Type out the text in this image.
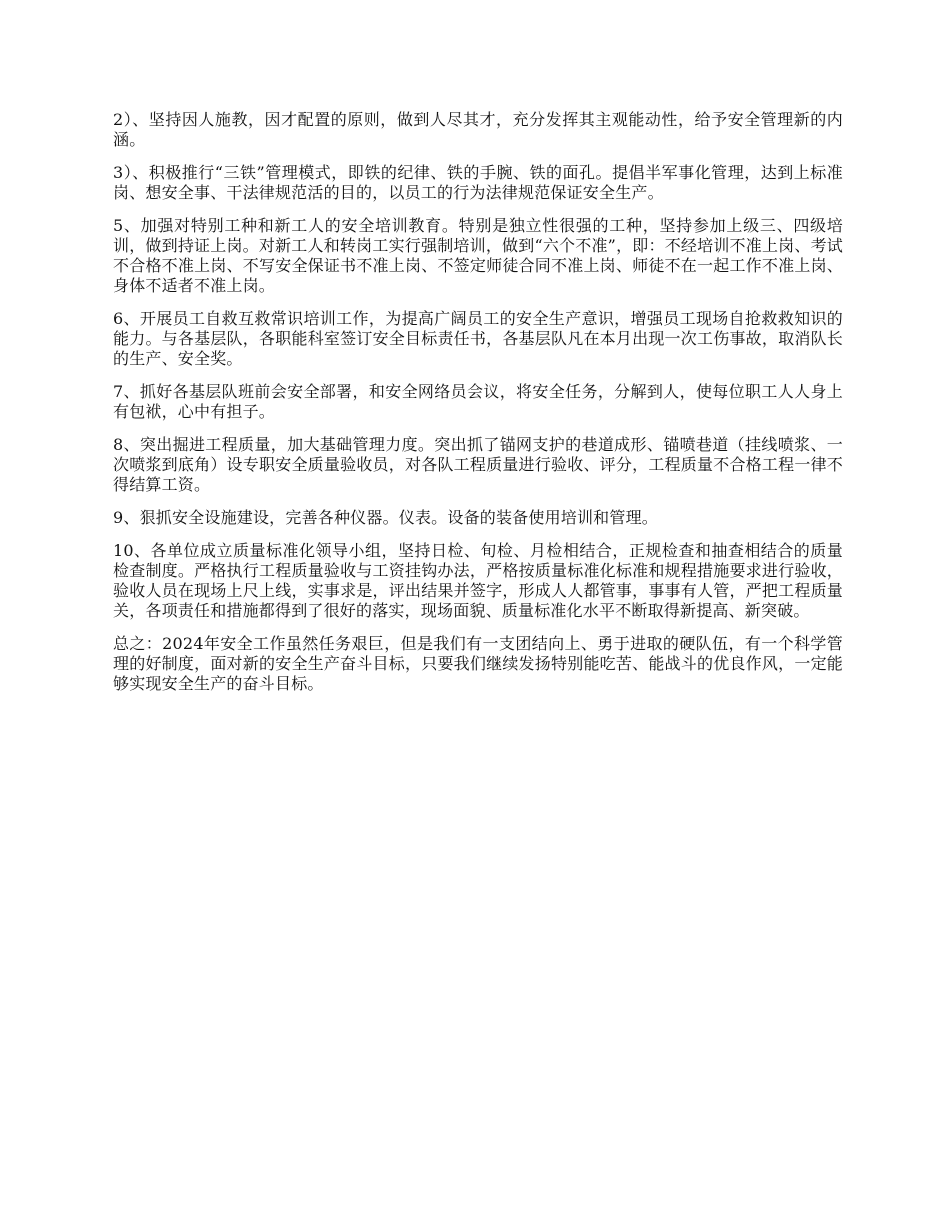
2）、坚持因人施教，因才配置的原则，做到人尽其才，充分发挥其主观能动性，给予安全管理新的内涵。

3）、积极推行“三铁”管理模式，即铁的纪律、铁的手腕、铁的面孔。提倡半军事化管理，达到上标准岗、想安全事、干法律规范活的目的，以员工的行为法律规范保证安全生产。

5、加强对特别工种和新工人的安全培训教育。特别是独立性很强的工种，坚持参加上级三、四级培训，做到持证上岗。对新工人和转岗工实行强制培训，做到“六个不准”，即：不经培训不准上岗、考试不合格不准上岗、不写安全保证书不准上岗、不签定师徒合同不准上岗、师徒不在一起工作不准上岗、身体不适者不准上岗。

6、开展员工自救互救常识培训工作，为提高广阔员工的安全生产意识，增强员工现场自抢救救知识的能力。与各基层队，各职能科室签订安全目标责任书，各基层队凡在本月出现一次工伤事故，取消队长的生产、安全奖。

7、抓好各基层队班前会安全部署，和安全网络员会议，将安全任务，分解到人，使每位职工人人身上有包袱，心中有担子。

8、突出掘进工程质量，加大基础管理力度。突出抓了锚网支护的巷道成形、锚喷巷道（挂线喷浆、一次喷浆到底角）设专职安全质量验收员，对各队工程质量进行验收、评分，工程质量不合格工程一律不得结算工资。

9、狠抓安全设施建设，完善各种仪器。仪表。设备的装备使用培训和管理。

10、各单位成立质量标准化领导小组，坚持日检、旬检、月检相结合，正规检查和抽查相结合的质量检查制度。严格执行工程质量验收与工资挂钩办法，严格按质量标准化标准和规程措施要求进行验收，验收人员在现场上尺上线，实事求是，评出结果并签字，形成人人都管事，事事有人管，严把工程质量关，各项责任和措施都得到了很好的落实，现场面貌、质量标准化水平不断取得新提高、新突破。

总之：2024年安全工作虽然任务艰巨，但是我们有一支团结向上、勇于进取的硬队伍，有一个科学管理的好制度，面对新的安全生产奋斗目标，只要我们继续发扬特别能吃苦、能战斗的优良作风，一定能够实现安全生产的奋斗目标。
